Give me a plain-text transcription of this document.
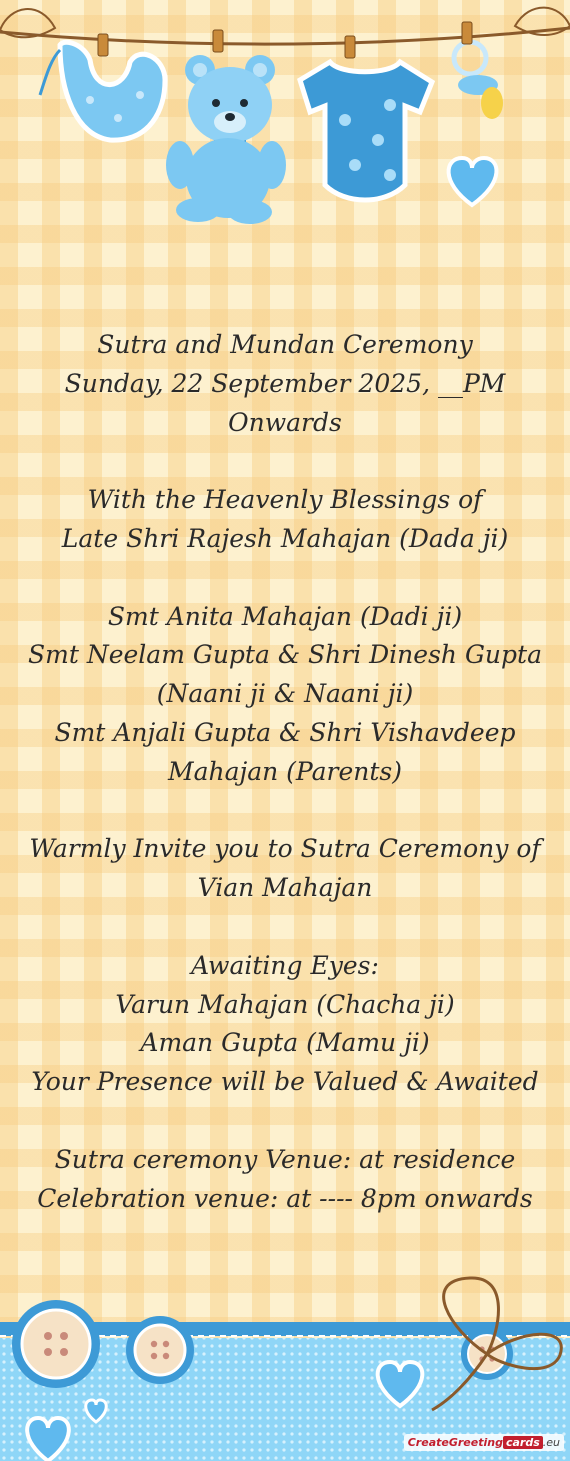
Sutra and Mundan Ceremony
Sunday, 22 September 2025, __PM
Onwards
With the Heavenly Blessings of
Late Shri Rajesh Mahajan (Dada ji)
Smt Anita Mahajan (Dadi ji)
Smt Neelam Gupta & Shri Dinesh Gupta
(Naani ji & Naani ji)
Smt Anjali Gupta & Shri Vishavdeep
Mahajan (Parents)
Warmly Invite you to Sutra Ceremony of
Vian Mahajan
Awaiting Eyes:
Varun Mahajan (Chacha ji)
Aman Gupta (Mamu ji)
Your Presence will be Valued & Awaited
Sutra ceremony Venue: at residence
Celebration venue: at ---- 8pm onwards
CreateGreeting cards .eu
